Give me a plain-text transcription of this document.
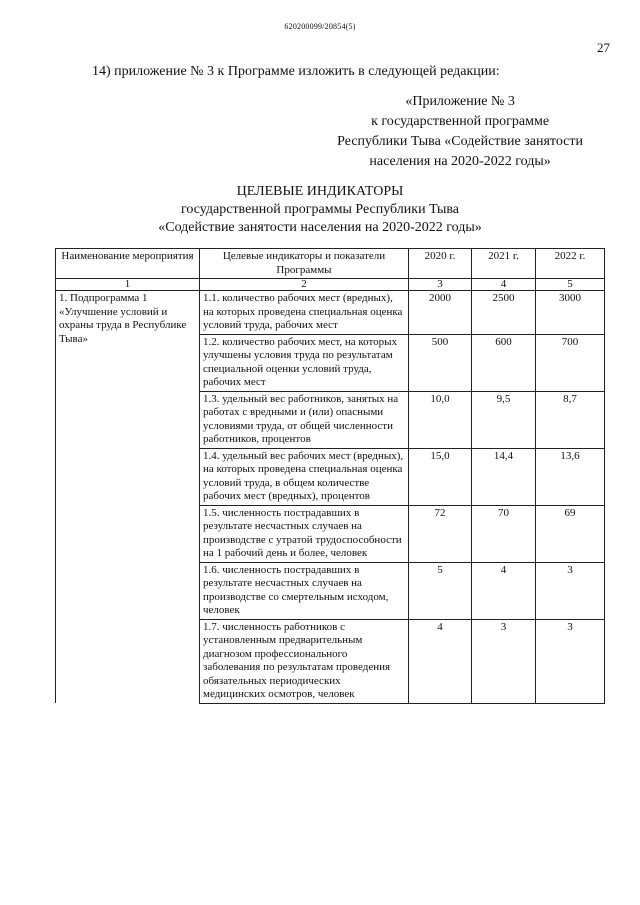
620200099/20854(5)
27
14) приложение № 3 к Программе изложить в следующей редакции:
«Приложение № 3
к государственной программе
Республики Тыва «Содействие занятости
населения на 2020-2022 годы»
ЦЕЛЕВЫЕ ИНДИКАТОРЫ
государственной программы Республики Тыва
«Содействие занятости населения на 2020-2022 годы»
Наименование мероприятия	Целевые индикаторы и показатели Программы	2020 г.	2021 г.	2022 г.
1	2	3	4	5
1. Подпрограмма 1 «Улучшение условий и охраны труда в Республике Тыва»	1.1. количество рабочих мест (вредных), на которых проведена специальная оценка условий труда, рабочих мест	2000	2500	3000
	1.2. количество рабочих мест, на которых улучшены условия труда по результатам специальной оценки условий труда, рабочих мест	500	600	700
	1.3. удельный вес работников, занятых на работах с вредными и (или) опасными условиями труда, от общей численности работников, процентов	10,0	9,5	8,7
	1.4. удельный вес рабочих мест (вредных), на которых проведена специальная оценка условий труда, в общем количестве рабочих мест (вредных), процентов	15,0	14,4	13,6
	1.5. численность пострадавших в результате несчастных случаев на производстве с утратой трудоспособности на 1 рабочий день и более, человек	72	70	69
	1.6. численность пострадавших в результате несчастных случаев на производстве со смертельным исходом, человек	5	4	3
	1.7. численность работников с установленным предварительным диагнозом профессионального заболевания по результатам проведения обязательных периодических медицинских осмотров, человек	4	3	3
